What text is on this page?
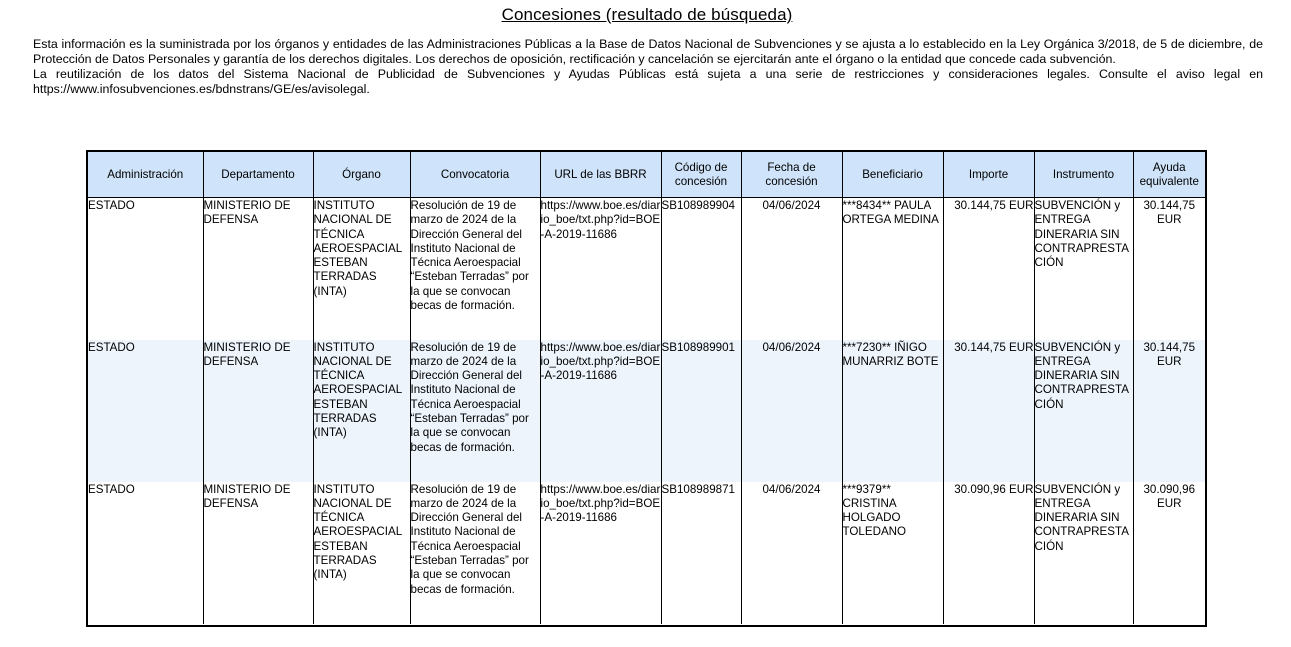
Concesiones (resultado de búsqueda)

Esta información es la suministrada por los órganos y entidades de las Administraciones Públicas a la Base de Datos Nacional de Subvenciones y se ajusta a lo establecido en la Ley Orgánica 3/2018, de 5 de diciembre, de Protección de Datos Personales y garantía de los derechos digitales. Los derechos de oposición, rectificación y cancelación se ejercitarán ante el órgano o la entidad que concede cada subvención.

La reutilización de los datos del Sistema Nacional de Publicidad de Subvenciones y Ayudas Públicas está sujeta a una serie de restricciones y consideraciones legales. Consulte el aviso legal en https://www.infosubvenciones.es/bdnstrans/GE/es/avisolegal.

Administración	Departamento	Órgano	Convocatoria	URL de las BBRR	Código de concesión	Fecha de concesión	Beneficiario	Importe	Instrumento	Ayuda equivalente
ESTADO	MINISTERIO DE DEFENSA	INSTITUTO NACIONAL DE TÉCNICA AEROESPACIAL ESTEBAN TERRADAS (INTA)	Resolución de 19 de marzo de 2024 de la Dirección General del Instituto Nacional de Técnica Aeroespacial “Esteban Terradas” por la que se convocan becas de formación.	https://www.boe.es/diario_boe/txt.php?id=BOE-A-2019-11686	SB108989904	04/06/2024	***8434** PAULA ORTEGA MEDINA	30.144,75 EUR	SUBVENCIÓN y ENTREGA DINERARIA SIN CONTRAPRESTACIÓN	30.144,75 EUR
ESTADO	MINISTERIO DE DEFENSA	INSTITUTO NACIONAL DE TÉCNICA AEROESPACIAL ESTEBAN TERRADAS (INTA)	Resolución de 19 de marzo de 2024 de la Dirección General del Instituto Nacional de Técnica Aeroespacial “Esteban Terradas” por la que se convocan becas de formación.	https://www.boe.es/diario_boe/txt.php?id=BOE-A-2019-11686	SB108989901	04/06/2024	***7230** IÑIGO MUNARRIZ BOTE	30.144,75 EUR	SUBVENCIÓN y ENTREGA DINERARIA SIN CONTRAPRESTACIÓN	30.144,75 EUR
ESTADO	MINISTERIO DE DEFENSA	INSTITUTO NACIONAL DE TÉCNICA AEROESPACIAL ESTEBAN TERRADAS (INTA)	Resolución de 19 de marzo de 2024 de la Dirección General del Instituto Nacional de Técnica Aeroespacial “Esteban Terradas” por la que se convocan becas de formación.	https://www.boe.es/diario_boe/txt.php?id=BOE-A-2019-11686	SB108989871	04/06/2024	***9379** CRISTINA HOLGADO TOLEDANO	30.090,96 EUR	SUBVENCIÓN y ENTREGA DINERARIA SIN CONTRAPRESTACIÓN	30.090,96 EUR
